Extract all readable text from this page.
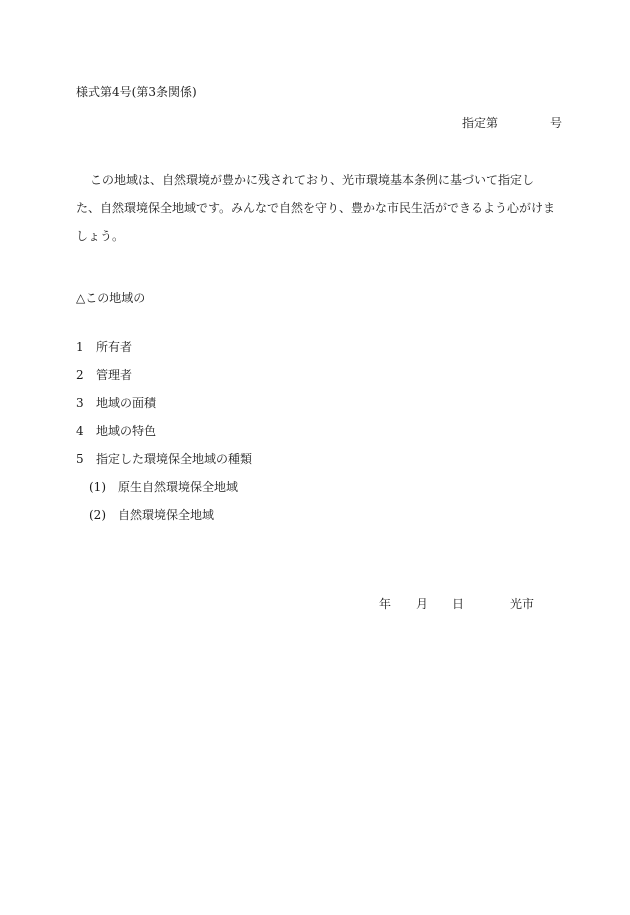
様式第4号(第3条関係)
指定第	号
この地域は、自然環境が豊かに残されており、光市環境基本条例に基づいて指定した、自然環境保全地域です。みんなで自然を守り、豊かな市民生活ができるよう心がけましょう。
△この地域の
1 所有者
2 管理者
3 地域の面積
4 地域の特色
5 指定した環境保全地域の種類
(1) 原生自然環境保全地域
(2) 自然環境保全地域
年 月 日	光市
